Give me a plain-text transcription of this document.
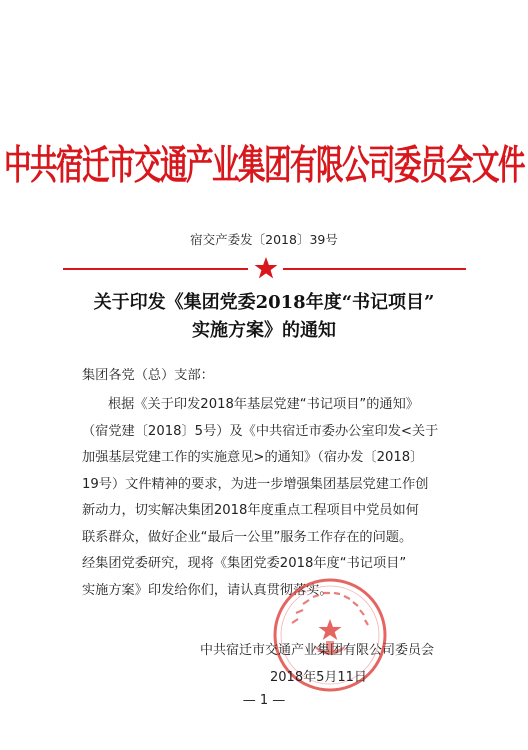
中共宿迁市交通产业集团有限公司委员会文件
宿交产委发〔2018〕39号
关于印发《集团党委2018年度“书记项目”
实施方案》的通知
集团各党（总）支部：
根据《关于印发2018年基层党建“书记项目”的通知》
（宿党建〔2018〕5号）及《中共宿迁市委办公室印发<关于
加强基层党建工作的实施意见>的通知》（宿办发〔2018〕
19号）文件精神的要求，为进一步增强集团基层党建工作创
新动力，切实解决集团2018年度重点工程项目中党员如何
联系群众，做好企业“最后一公里”服务工作存在的问题。
经集团党委研究，现将《集团党委2018年度“书记项目”
实施方案》印发给你们，请认真贯彻落实。
中共宿迁市交通产业集团有限公司委员会
2018年5月11日
— 1 —
